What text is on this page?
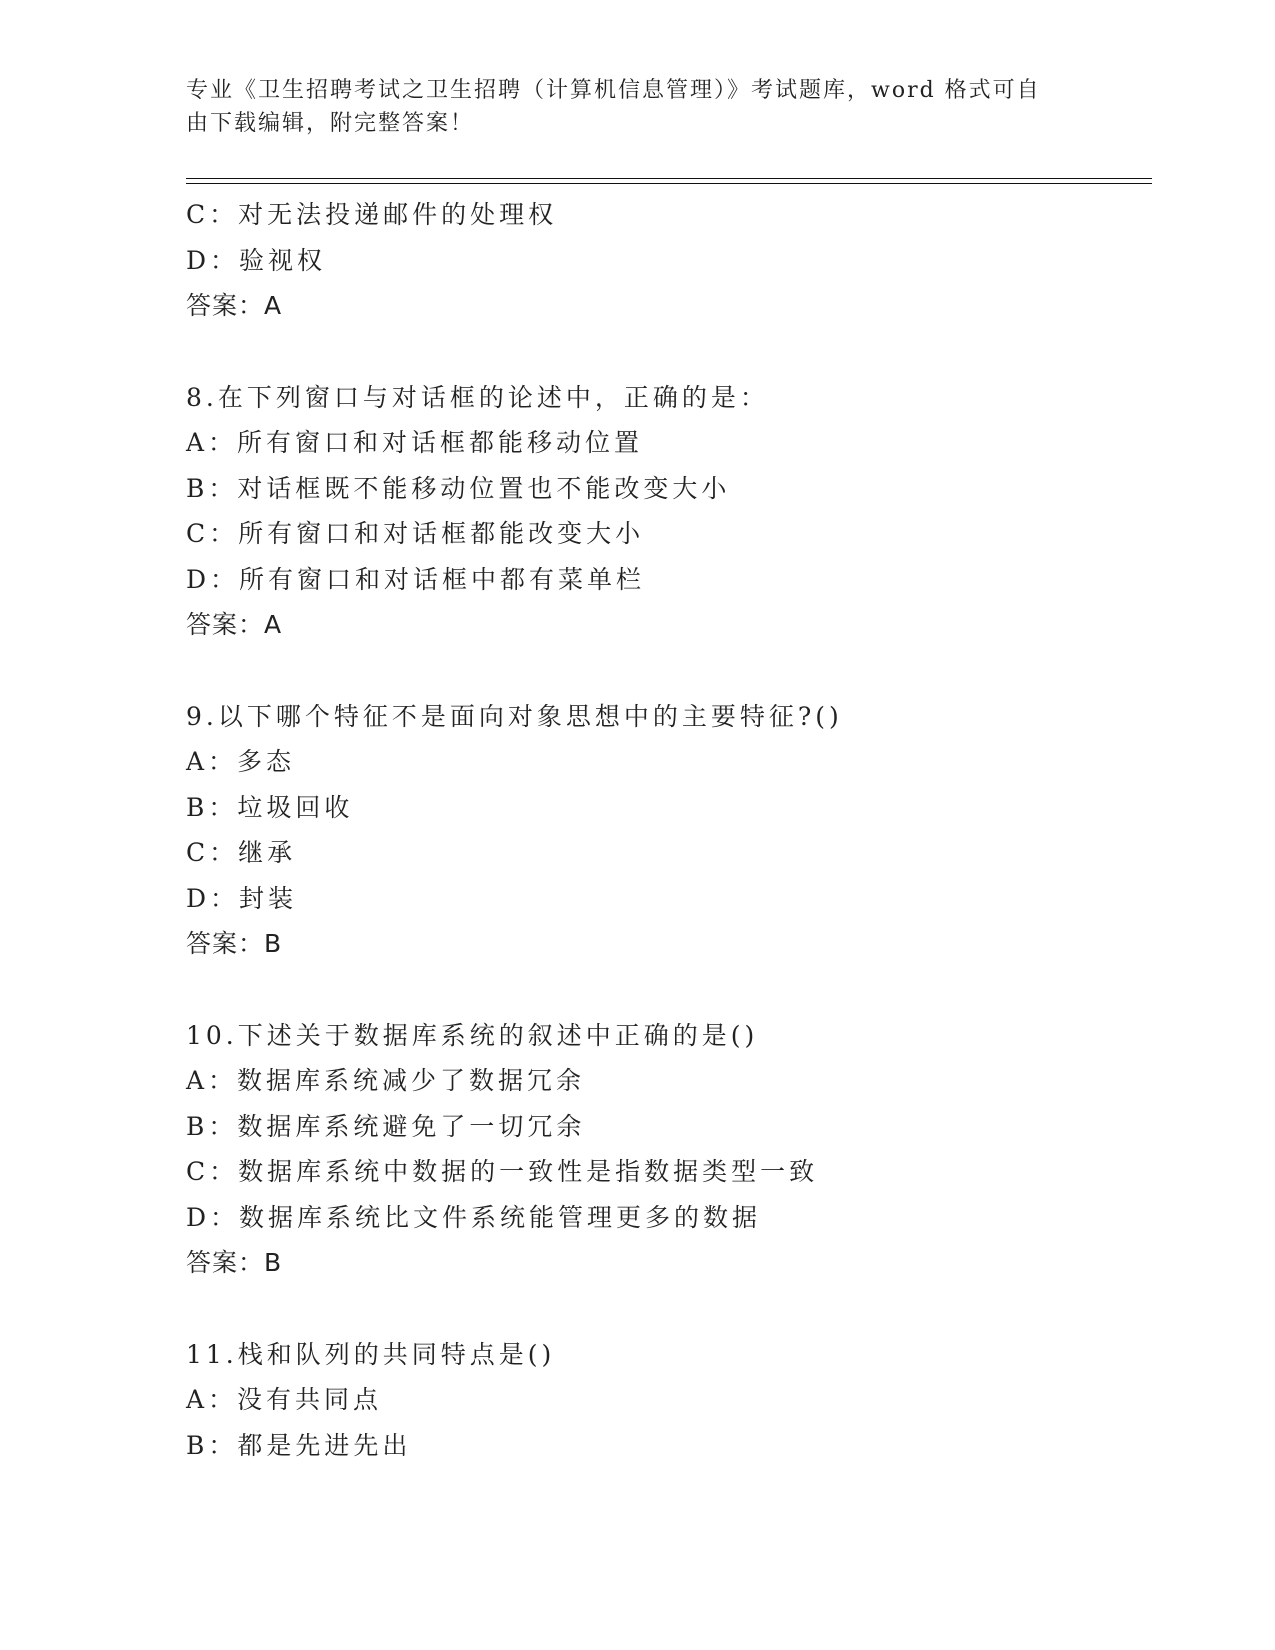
专业《卫生招聘考试之卫生招聘（计算机信息管理）》考试题库，word 格式可自
由下载编辑，附完整答案！
C：对无法投递邮件的处理权
D：验视权
答案：A
8.在下列窗口与对话框的论述中，正确的是：
A：所有窗口和对话框都能移动位置
B：对话框既不能移动位置也不能改变大小
C：所有窗口和对话框都能改变大小
D：所有窗口和对话框中都有菜单栏
答案：A
9.以下哪个特征不是面向对象思想中的主要特征?()
A：多态
B：垃圾回收
C：继承
D：封装
答案：B
10.下述关于数据库系统的叙述中正确的是()
A：数据库系统减少了数据冗余
B：数据库系统避免了一切冗余
C：数据库系统中数据的一致性是指数据类型一致
D：数据库系统比文件系统能管理更多的数据
答案：B
11.栈和队列的共同特点是()
A：没有共同点
B：都是先进先出
